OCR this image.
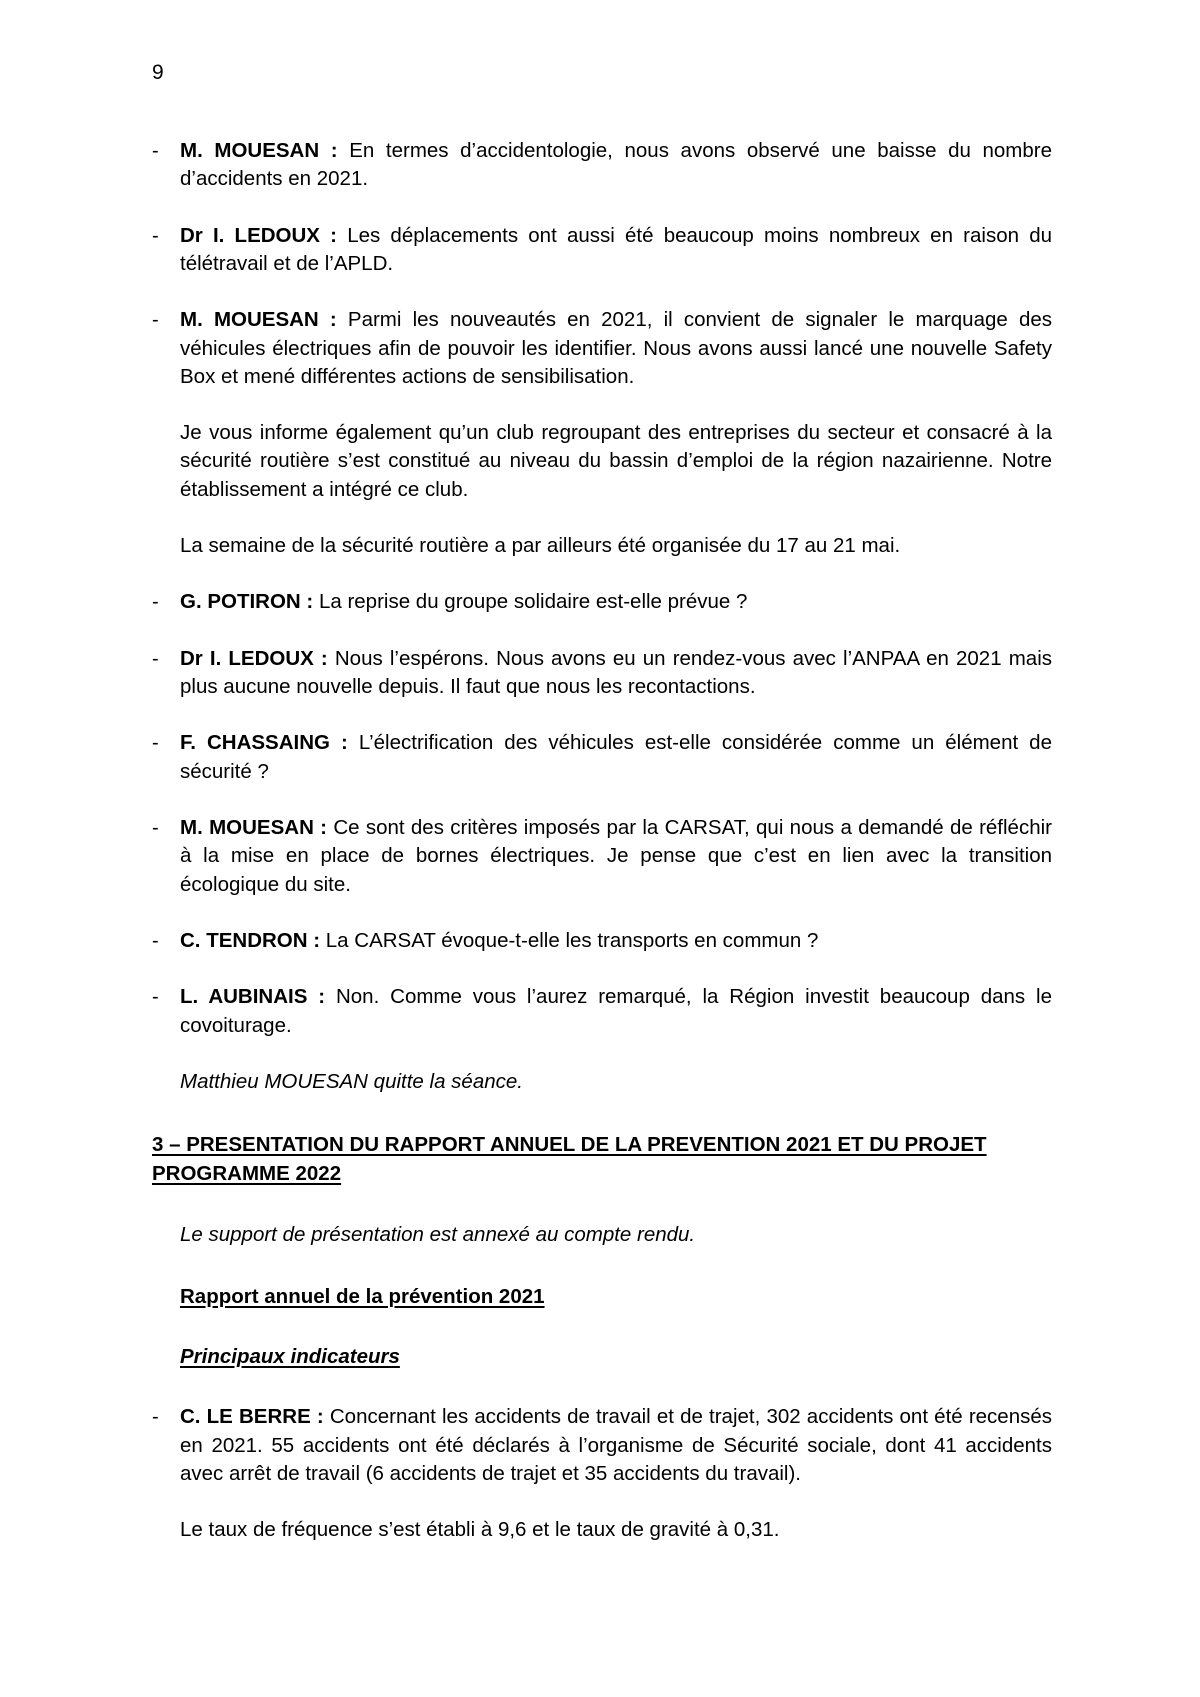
9
-	M. MOUESAN : En termes d’accidentologie, nous avons observé une baisse du nombre d’accidents en 2021.
-	Dr I. LEDOUX : Les déplacements ont aussi été beaucoup moins nombreux en raison du télétravail et de l’APLD.
-	M. MOUESAN : Parmi les nouveautés en 2021, il convient de signaler le marquage des véhicules électriques afin de pouvoir les identifier. Nous avons aussi lancé une nouvelle Safety Box et mené différentes actions de sensibilisation.

Je vous informe également qu’un club regroupant des entreprises du secteur et consacré à la sécurité routière s’est constitué au niveau du bassin d’emploi de la région nazairienne. Notre établissement a intégré ce club.

La semaine de la sécurité routière a par ailleurs été organisée du 17 au 21 mai.

-	G. POTIRON : La reprise du groupe solidaire est-elle prévue ?
-	Dr I. LEDOUX : Nous l’espérons. Nous avons eu un rendez-vous avec l’ANPAA en 2021 mais plus aucune nouvelle depuis. Il faut que nous les recontactions.
-	F. CHASSAING : L’électrification des véhicules est-elle considérée comme un élément de sécurité ?
-	M. MOUESAN : Ce sont des critères imposés par la CARSAT, qui nous a demandé de réfléchir à la mise en place de bornes électriques. Je pense que c’est en lien avec la transition écologique du site.
-	C. TENDRON : La CARSAT évoque-t-elle les transports en commun ?
-	L. AUBINAIS : Non. Comme vous l’aurez remarqué, la Région investit beaucoup dans le covoiturage.

Matthieu MOUESAN quitte la séance.

3 – PRESENTATION DU RAPPORT ANNUEL DE LA PREVENTION 2021 ET DU PROJET PROGRAMME 2022

Le support de présentation est annexé au compte rendu.

Rapport annuel de la prévention 2021
Principaux indicateurs
-	C. LE BERRE : Concernant les accidents de travail et de trajet, 302 accidents ont été recensés en 2021. 55 accidents ont été déclarés à l’organisme de Sécurité sociale, dont 41 accidents avec arrêt de travail (6 accidents de trajet et 35 accidents du travail).

Le taux de fréquence s’est établi à 9,6 et le taux de gravité à 0,31.
